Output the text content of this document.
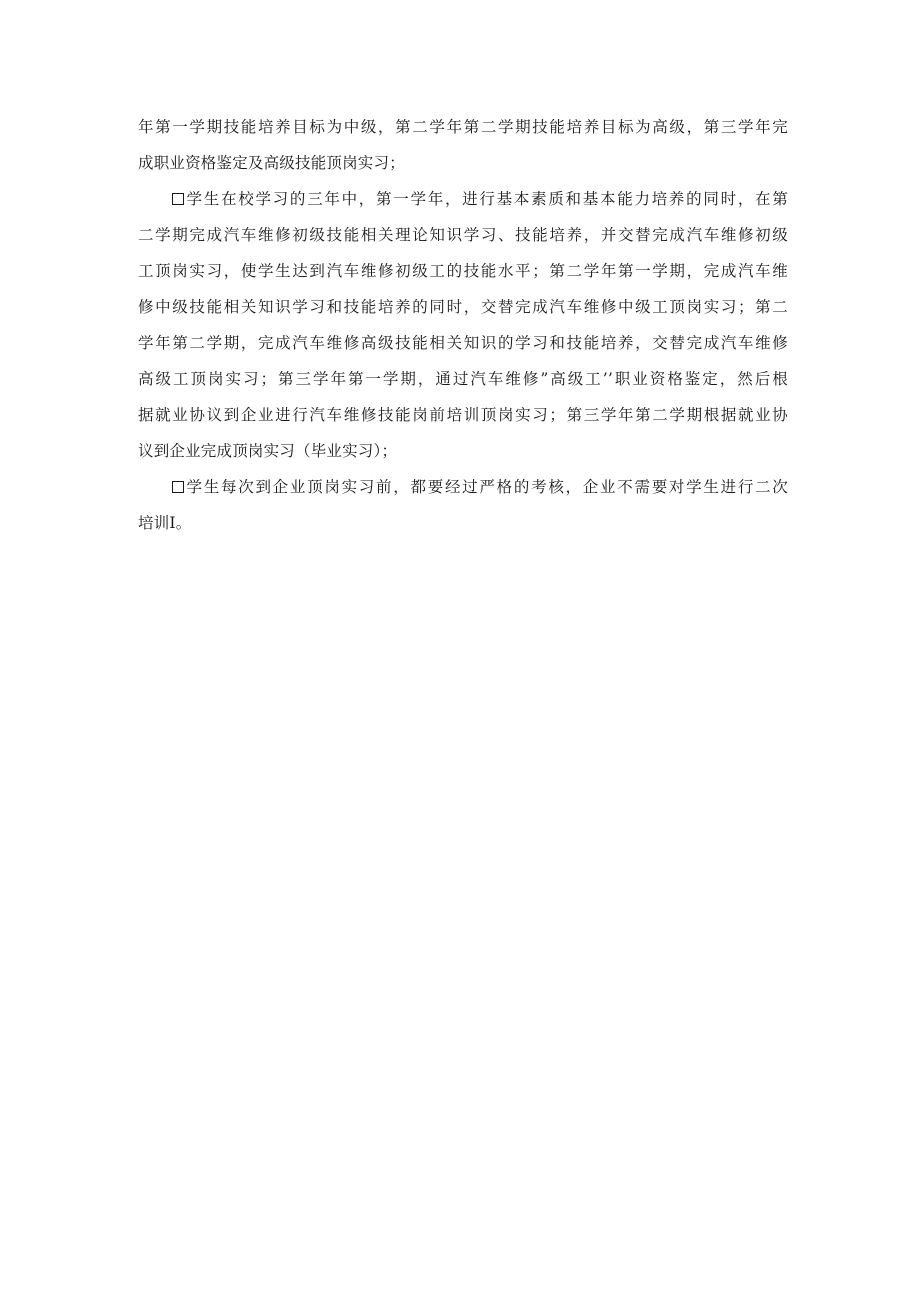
年第一学期技能培养目标为中级，第二学年第二学期技能培养目标为高级，第三学年完
成职业资格鉴定及高级技能顶岗实习；
学生在校学习的三年中，第一学年，进行基本素质和基本能力培养的同时，在第
二学期完成汽车维修初级技能相关理论知识学习、技能培养，并交替完成汽车维修初级
工顶岗实习，使学生达到汽车维修初级工的技能水平；第二学年第一学期，完成汽车维
修中级技能相关知识学习和技能培养的同时，交替完成汽车维修中级工顶岗实习；第二
学年第二学期，完成汽车维修高级技能相关知识的学习和技能培养，交替完成汽车维修
高级工顶岗实习；第三学年第一学期，通过汽车维修”高级工’’职业资格鉴定，然后根
据就业协议到企业进行汽车维修技能岗前培训顶岗实习；第三学年第二学期根据就业协
议到企业完成顶岗实习（毕业实习）；
学生每次到企业顶岗实习前，都要经过严格的考核，企业不需要对学生进行二次
培训I。
